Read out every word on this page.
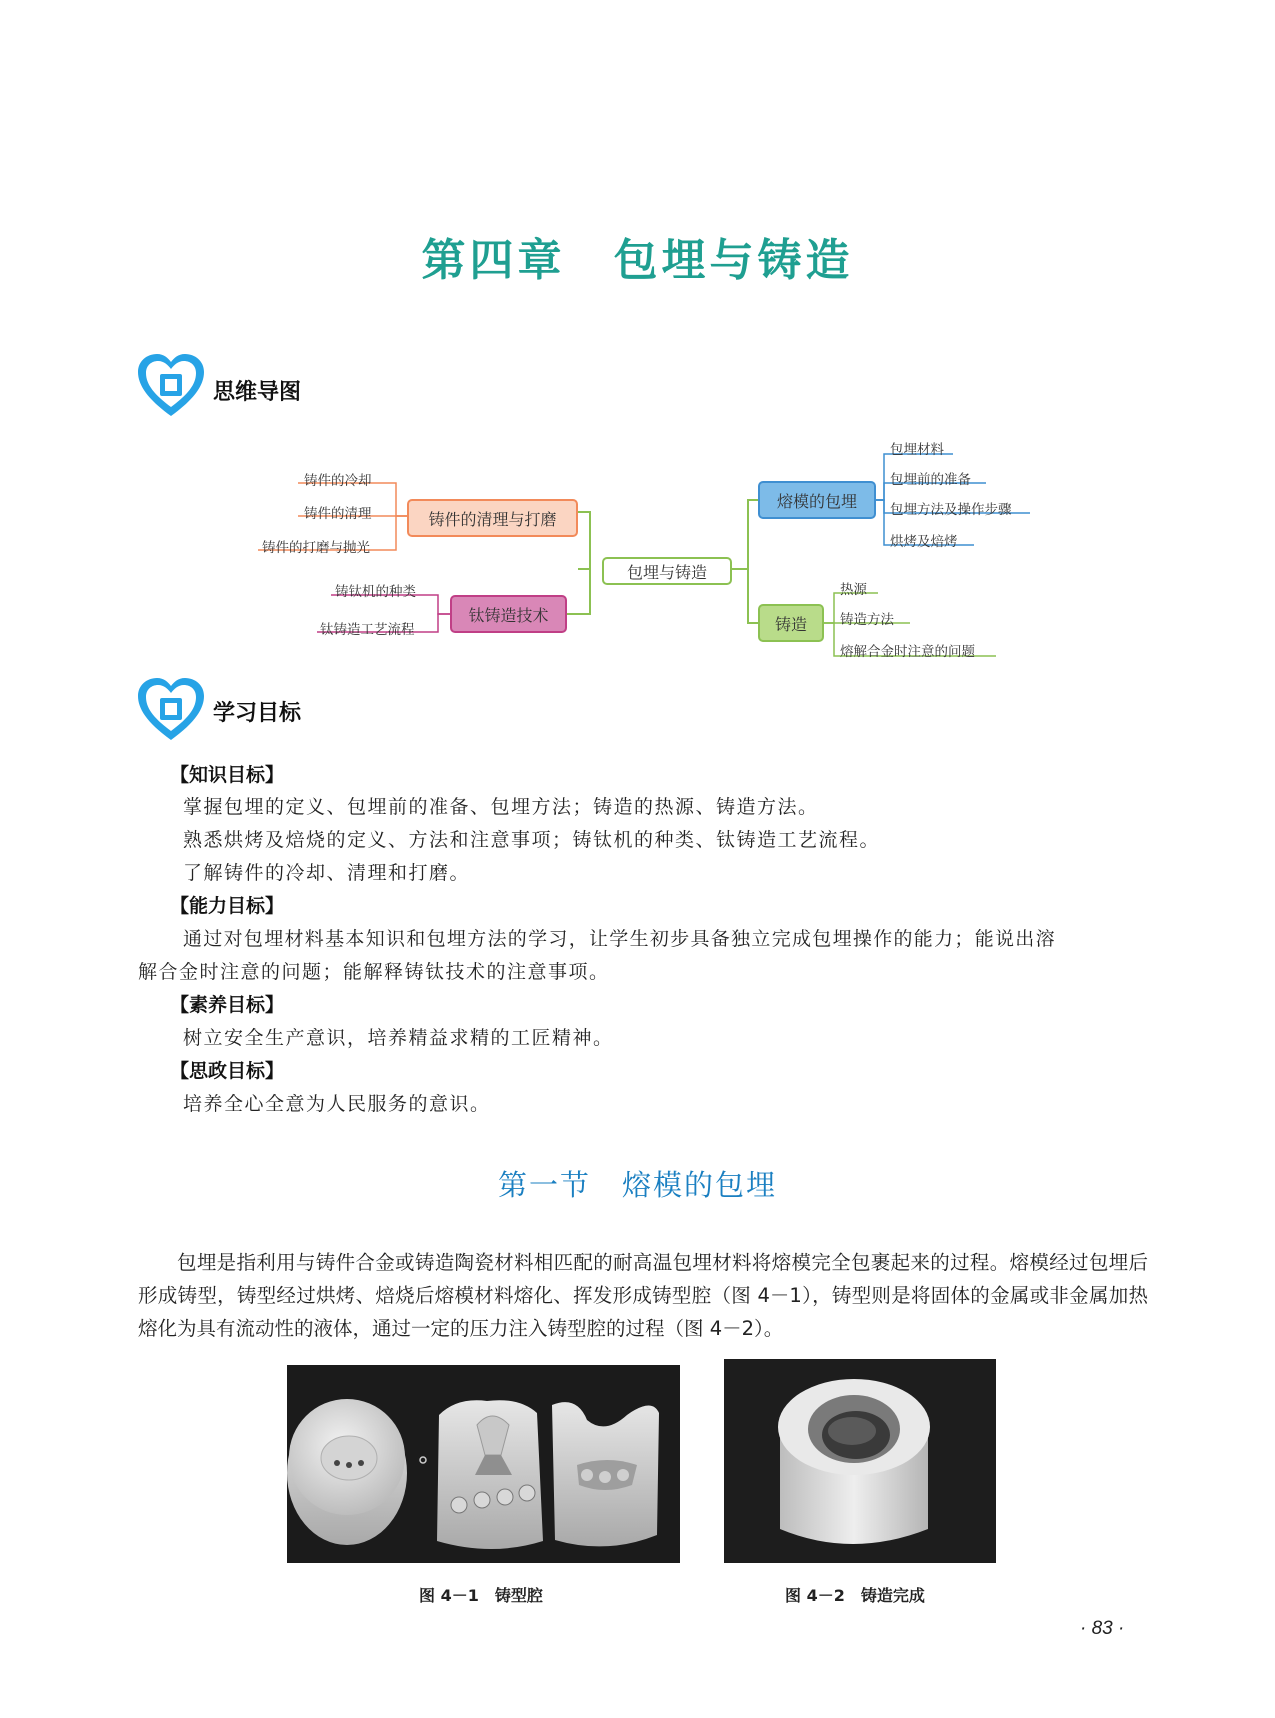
第四章　包埋与铸造
思维导图
包埋与铸造
铸件的清理与打磨
铸件的冷却
铸件的清理
铸件的打磨与抛光
钛铸造技术
铸钛机的种类
钛铸造工艺流程
熔模的包埋
包埋材料
包埋前的准备
包埋方法及操作步骤
烘烤及焙烤
铸造
热源
铸造方法
熔解合金时注意的问题
学习目标
【知识目标】
掌握包埋的定义、包埋前的准备、包埋方法；铸造的热源、铸造方法。
熟悉烘烤及焙烧的定义、方法和注意事项；铸钛机的种类、钛铸造工艺流程。
了解铸件的冷却、清理和打磨。
【能力目标】
通过对包埋材料基本知识和包埋方法的学习，让学生初步具备独立完成包埋操作的能力；能说出溶
解合金时注意的问题；能解释铸钛技术的注意事项。
【素养目标】
树立安全生产意识，培养精益求精的工匠精神。
【思政目标】
培养全心全意为人民服务的意识。
第一节　熔模的包埋
包埋是指利用与铸件合金或铸造陶瓷材料相匹配的耐高温包埋材料将熔模完全包裹起来的过程。熔模经过包埋后形成铸型，铸型经过烘烤、焙烧后熔模材料熔化、挥发形成铸型腔（图 4－1），铸型则是将固体的金属或非金属加热熔化为具有流动性的液体，通过一定的压力注入铸型腔的过程（图 4－2）。
图 4－1　铸型腔	图 4－2　铸造完成
· 83 ·
